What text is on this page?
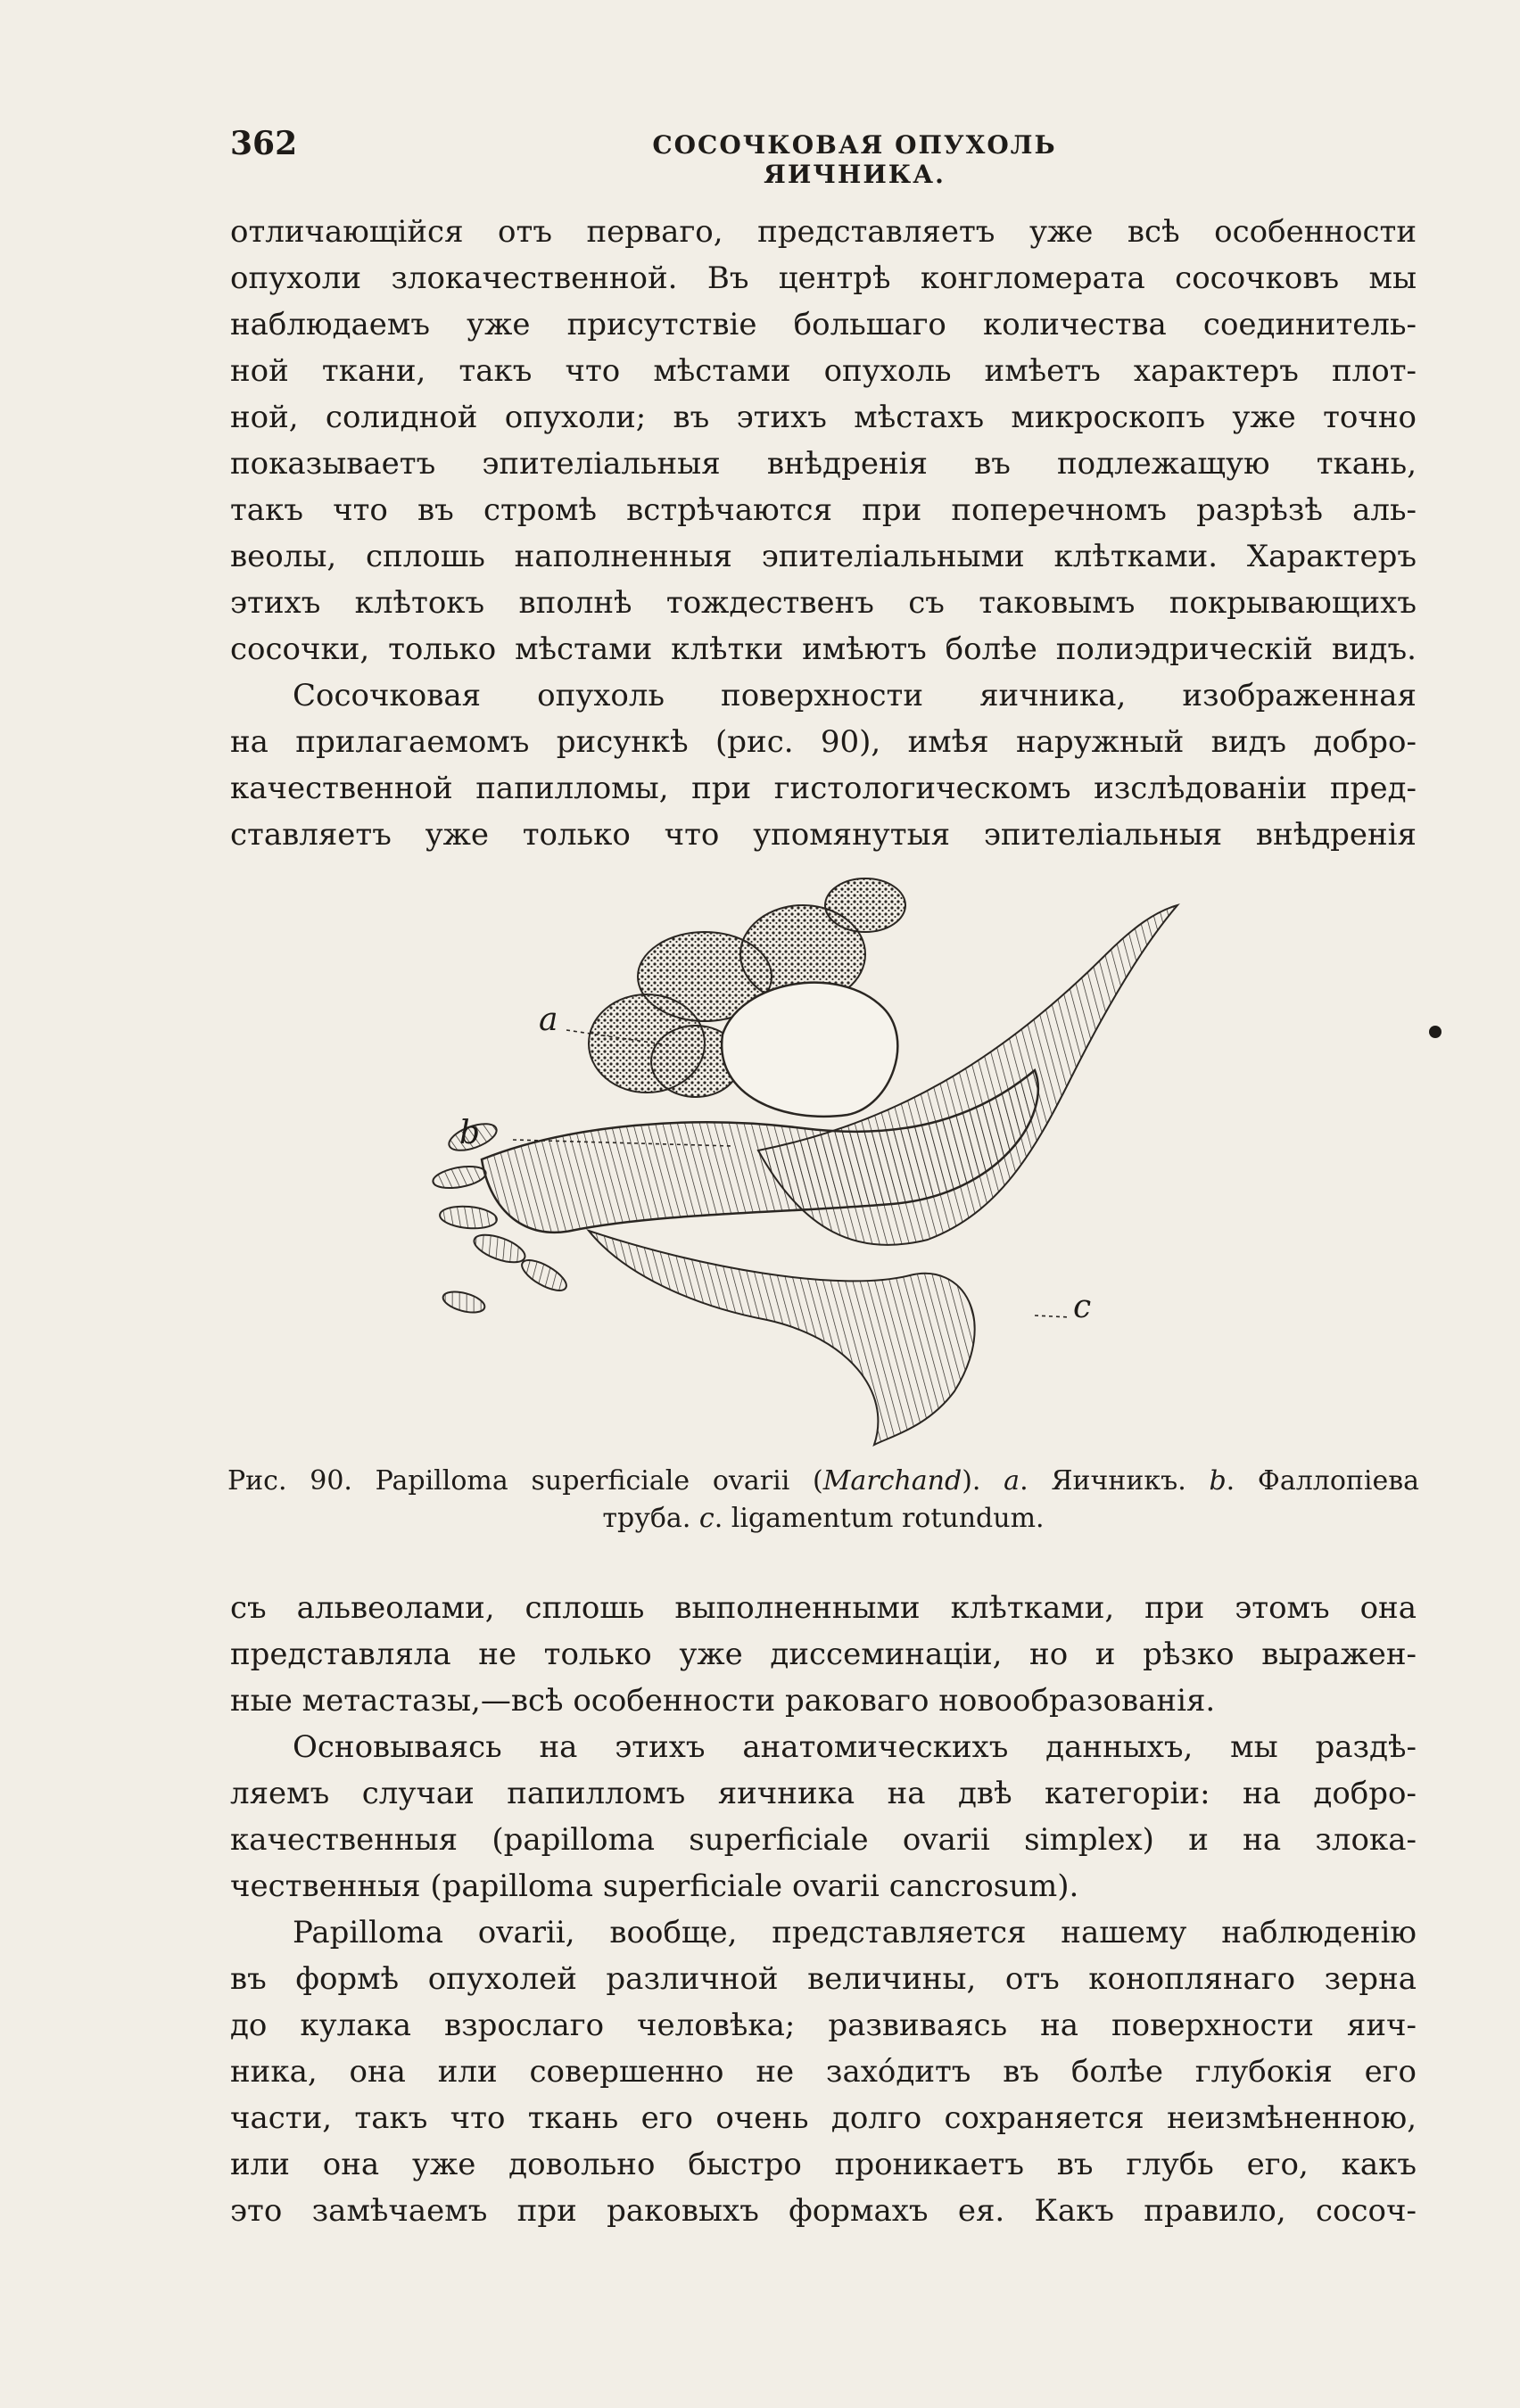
362	СОСОЧКОВАЯ ОПУХОЛЬ ЯИЧНИКА.
отличающійся отъ перваго, представляетъ уже всѣ особенности
опухоли злокачественной. Въ центрѣ конгломерата сосочковъ мы
наблюдаемъ уже присутствіе большаго количества соединитель-
ной ткани, такъ что мѣстами опухоль имѣетъ характеръ плот-
ной, солидной опухоли; въ этихъ мѣстахъ микроскопъ уже точно
показываетъ эпителіальныя внѣдренія въ подлежащую ткань,
такъ что въ стромѣ встрѣчаются при поперечномъ разрѣзѣ аль-
веолы, сплошь наполненныя эпителіальными клѣтками. Характеръ
этихъ клѣтокъ вполнѣ тождественъ съ таковымъ покрывающихъ
сосочки, только мѣстами клѣтки имѣютъ болѣе полиэдрическій видъ.
Сосочковая опухоль поверхности яичника, изображенная
на прилагаемомъ рисункѣ (рис. 90), имѣя наружный видъ добро-
качественной папилломы, при гистологическомъ изслѣдованіи пред-
ставляетъ уже только что упомянутыя эпителіальныя внѣдренія
a
b
c
Рис. 90. Papilloma superficiale ovarii (Marchand). a. Яичникъ. b. Фаллопіева
труба. c. ligamentum rotundum.
съ альвеолами, сплошь выполненными клѣтками, при этомъ она
представляла не только уже диссеминаціи, но и рѣзко выражен-
ные метастазы,—всѣ особенности раковаго новообразованія.
Основываясь на этихъ анатомическихъ данныхъ, мы раздѣ-
ляемъ случаи папилломъ яичника на двѣ категоріи: на добро-
качественныя (papilloma superficiale ovarii simplex) и на злока-
чественныя (papilloma superficiale ovarii cancrosum).
Papilloma ovarii, вообще, представляется нашему наблюденію
въ формѣ опухолей различной величины, отъ коноплянаго зерна
до кулака взрослаго человѣка; развиваясь на поверхности яич-
ника, она или совершенно не захóдитъ въ болѣе глубокія его
части, такъ что ткань его очень долго сохраняется неизмѣненною,
или она уже довольно быстро проникаетъ въ глубь его, какъ
это замѣчаемъ при раковыхъ формахъ ея. Какъ правило, сосоч-
